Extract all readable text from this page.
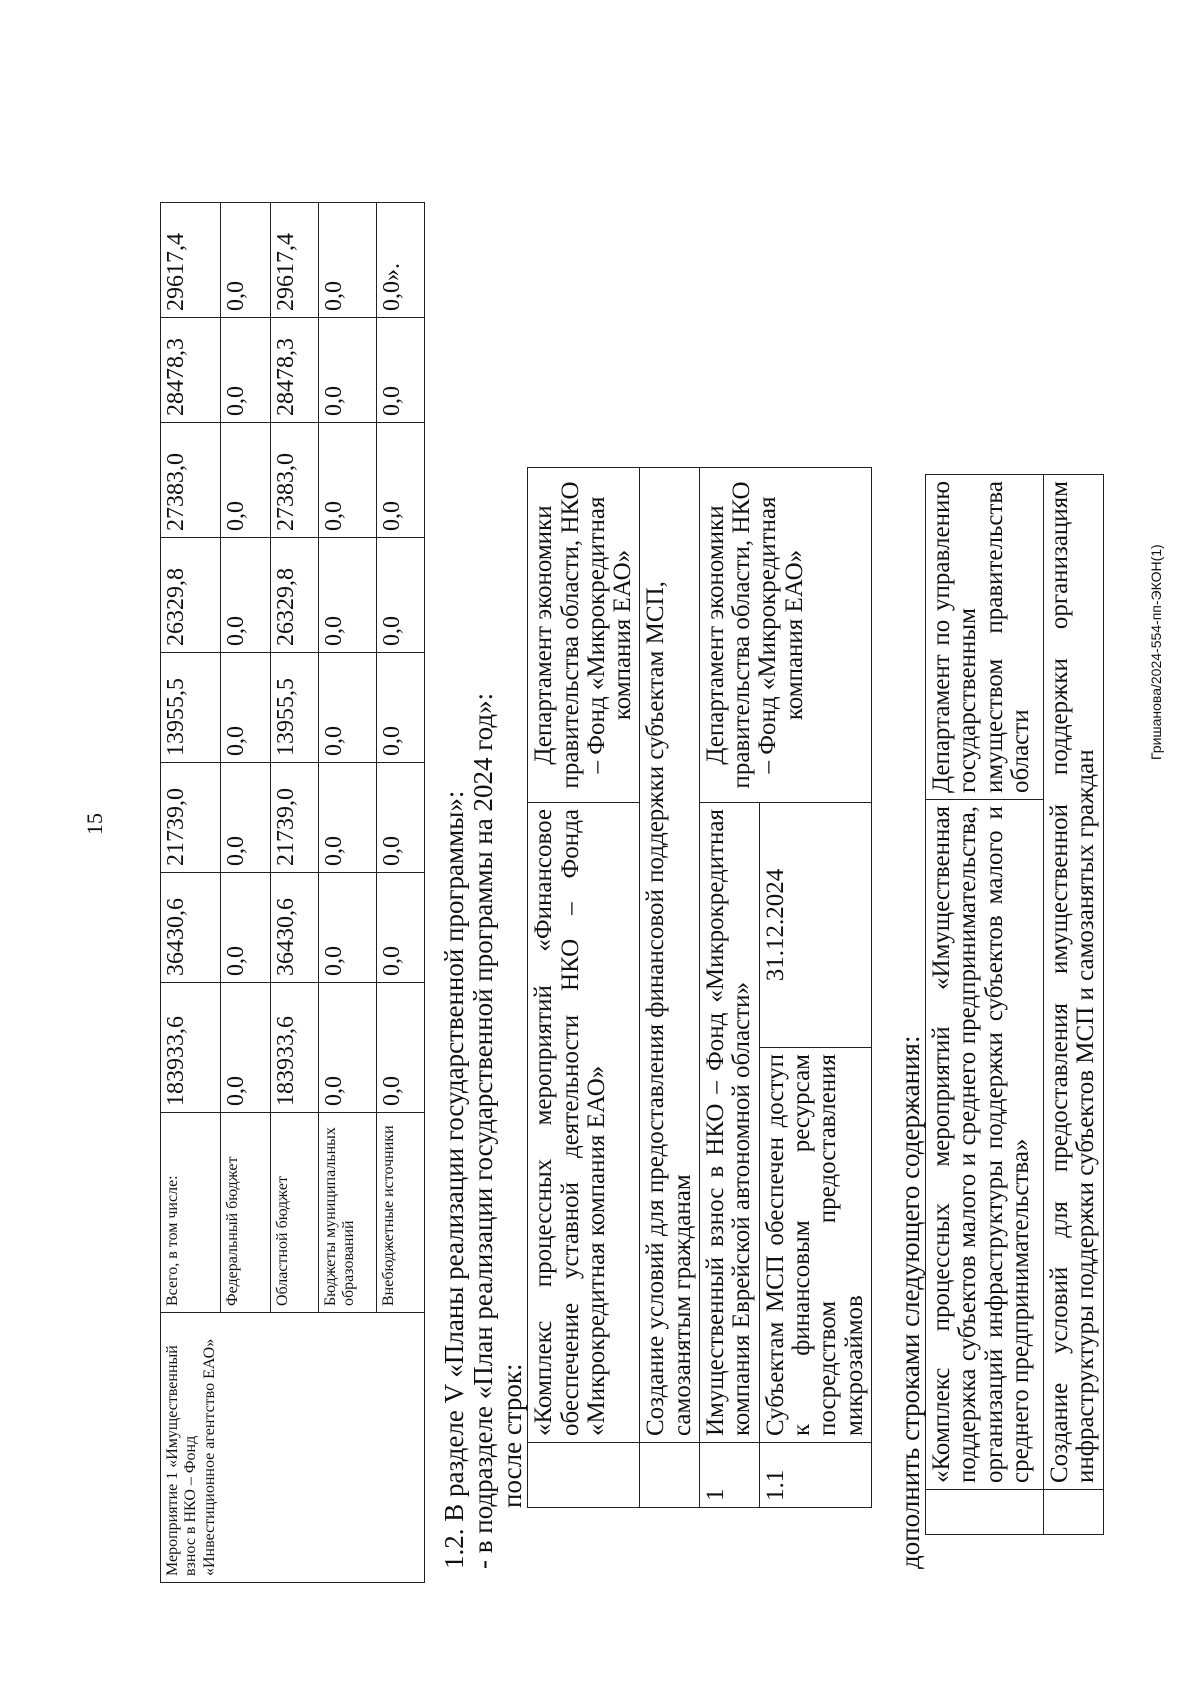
15
Гришанова/2024-554-пп-ЭКОН(1)
Мероприятие 1 «Имущественный взнос в НКО – Фонд «Инвестиционное агентство ЕАО»	Всего, в том числе:	183933,6	36430,6	21739,0	13955,5	26329,8	27383,0	28478,3	29617,4
	Федеральный бюджет	0,0	0,0	0,0	0,0	0,0	0,0	0,0	0,0
	Областной бюджет	183933,6	36430,6	21739,0	13955,5	26329,8	27383,0	28478,3	29617,4
	Бюджеты муниципальных образований	0,0	0,0	0,0	0,0	0,0	0,0	0,0	0,0
	Внебюджетные источники	0,0	0,0	0,0	0,0	0,0	0,0	0,0	0,0».
1.2. В разделе V «Планы реализации государственной программы»: - в подразделе «План реализации государственной программы на 2024 год»: после строк:
	«Комплекс процессных мероприятий «Финансовое обеспечение уставной деятельности НКО – Фонда «Микрокредитная компания ЕАО»		Департамент экономики правительства области, НКО – Фонд «Микрокредитная компания ЕАО»
	Создание условий для предоставления финансовой поддержки субъектам МСП, самозанятым гражданам		
1	Имущественный взнос в НКО – Фонд «Микрокредитная компания Еврейской автономной области»		Департамент экономики правительства области, НКО – Фонд «Микрокредитная компания ЕАО»
1.1	Субъектам МСП обеспечен доступ к финансовым ресурсам посредством предоставления микрозаймов	31.12.2024	
дополнить строками следующего содержания:
	«Комплекс процессных мероприятий «Имущественная поддержка субъектов малого и среднего предпринимательства, организаций инфраструктуры поддержки субъектов малого и среднего предпринимательства»	Департамент по управлению государственным имуществом правительства области
	Создание условий для предоставления имущественной поддержки организациям инфраструктуры поддержки субъектов МСП и самозанятых граждан	
